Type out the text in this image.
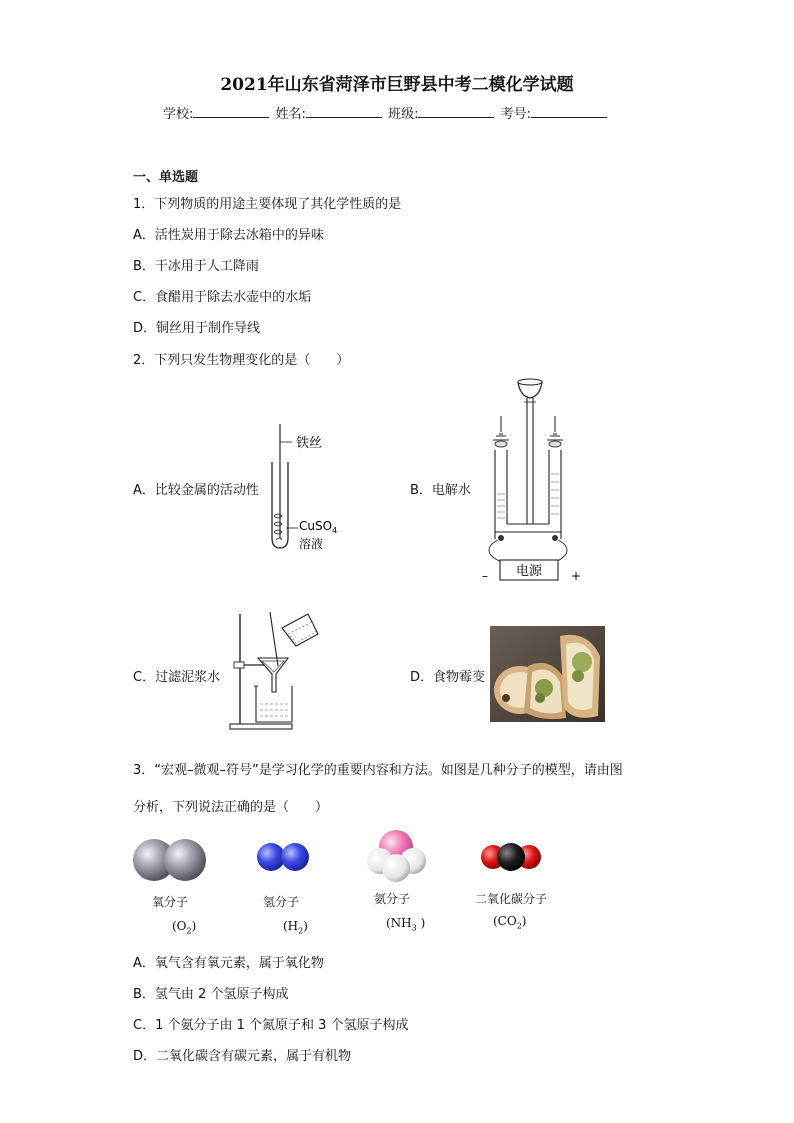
2021年山东省菏泽市巨野县中考二模化学试题
学校:	姓名:	班级:	考号:
一、单选题
1．下列物质的用途主要体现了其化学性质的是
A．活性炭用于除去冰箱中的异味
B．干冰用于人工降雨
C．食醋用于除去水壶中的水垢
D．铜丝用于制作导线
2．下列只发生物理变化的是（　　）
A．比较金属的活动性	B．电解水
C．过滤泥浆水	D．食物霉变
铁丝
CuSO$_4$
溶液
电源
–	+
3．“宏观–微观–符号”是学习化学的重要内容和方法。如图是几种分子的模型，请由图
分析，下列说法正确的是（　　）
氧分子	氢分子	氨分子	二氧化碳分子
$(O_2)$	$(H_2)$	($NH_3$ )	$(CO_2)$
A．氧气含有氧元素，属于氧化物
B．氢气由 2 个氢原子构成
C．1 个氨分子由 1 个氮原子和 3 个氢原子构成
D．二氧化碳含有碳元素，属于有机物
